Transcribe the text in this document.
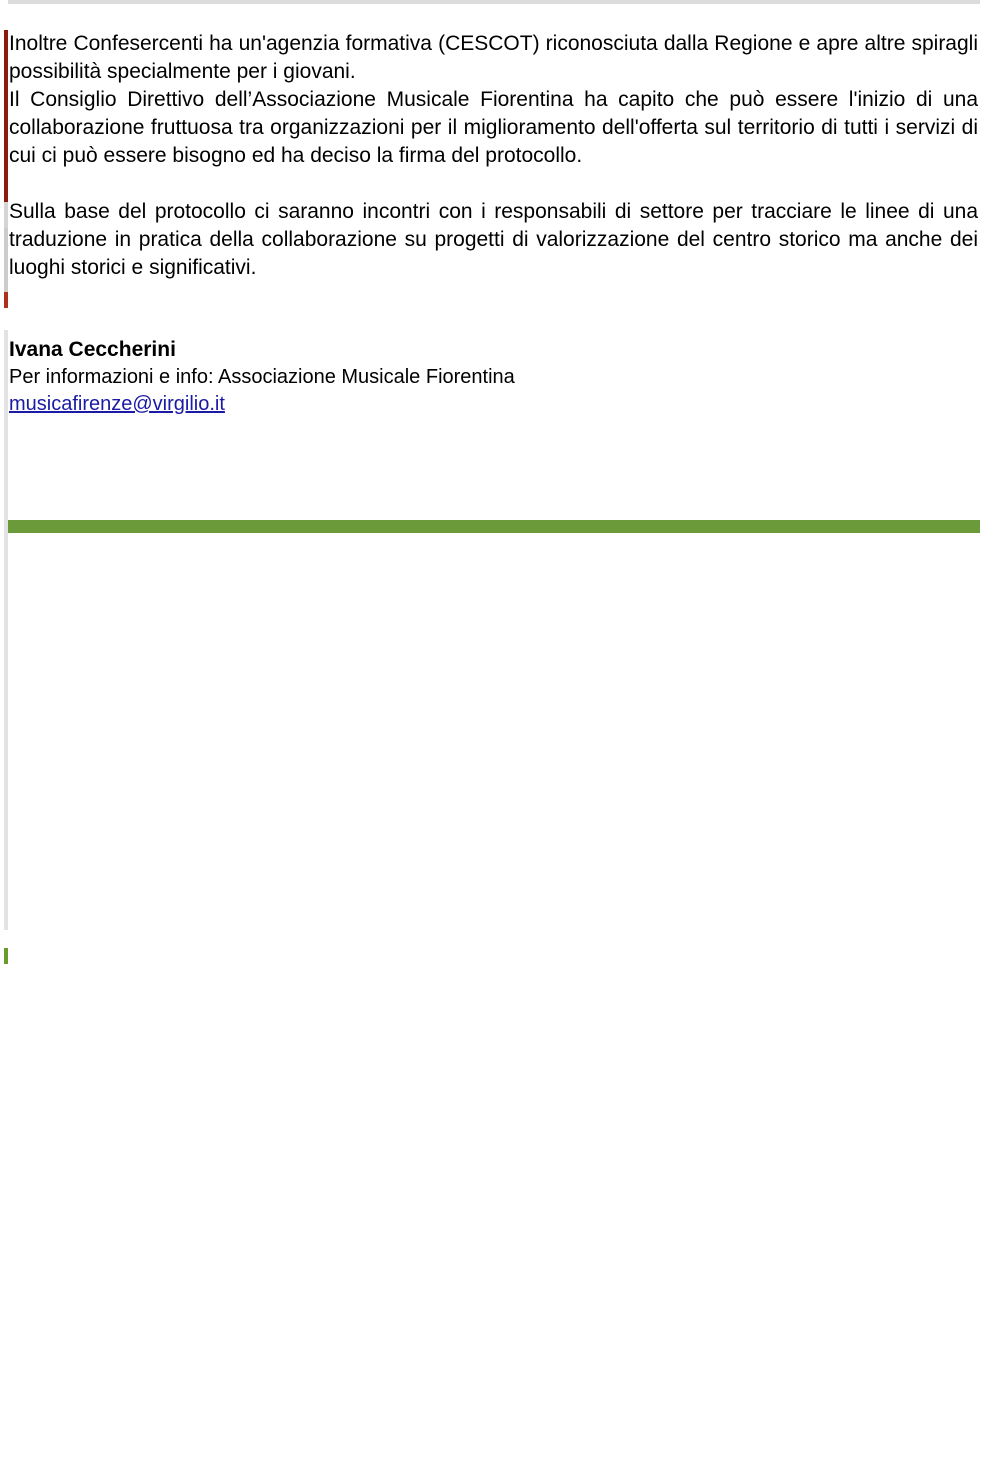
Inoltre Confesercenti ha un'agenzia formativa (CESCOT) riconosciuta dalla Regione e apre altre spiragli possibilità specialmente per i giovani.

Il Consiglio Direttivo dell’Associazione Musicale Fiorentina ha capito che può essere l'inizio di una collaborazione fruttuosa tra organizzazioni per il miglioramento dell'offerta sul territorio di tutti i servizi di cui ci può essere bisogno ed ha deciso la firma del protocollo.

Sulla base del protocollo ci saranno incontri con i responsabili di settore per tracciare le linee di una traduzione in pratica della collaborazione su progetti di valorizzazione del centro storico ma anche dei luoghi storici e significativi.

Ivana Ceccherini

Per informazioni e info: Associazione Musicale Fiorentina

musicafirenze@virgilio.it
